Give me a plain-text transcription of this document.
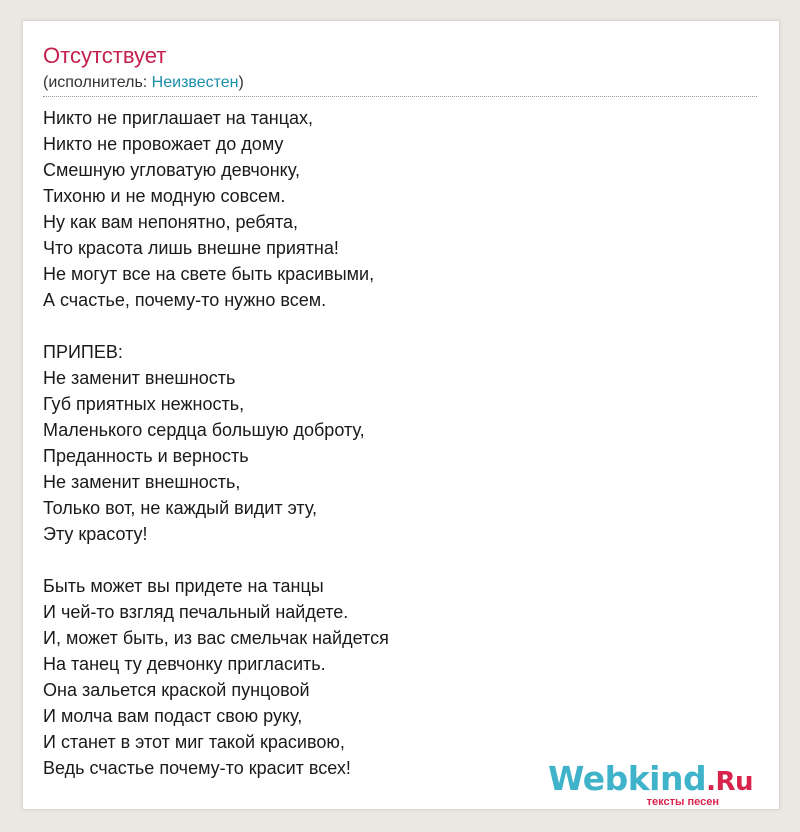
Отсутствует
(исполнитель: Неизвестен)
Никто не приглашает на танцах,
Никто не провожает до дому
Смешную угловатую девчонку,
Тихоню и не модную совсем.
Ну как вам непонятно, ребята,
Что красота лишь внешне приятна!
Не могут все на свете быть красивыми,
А счастье, почему-то нужно всем.
ПРИПЕВ:
Не заменит внешность
Губ приятных нежность,
Маленького сердца большую доброту,
Преданность и верность
Не заменит внешность,
Только вот, не каждый видит эту,
Эту красоту!
Быть может вы придете на танцы
И чей-то взгляд печальный найдете.
И, может быть, из вас смельчак найдется
На танец ту девчонку пригласить.
Она зальется краской пунцовой
И молча вам подаст свою руку,
И станет в этот миг такой красивою,
Ведь счастье почему-то красит всех!	Webkind.Ru
тексты песен
